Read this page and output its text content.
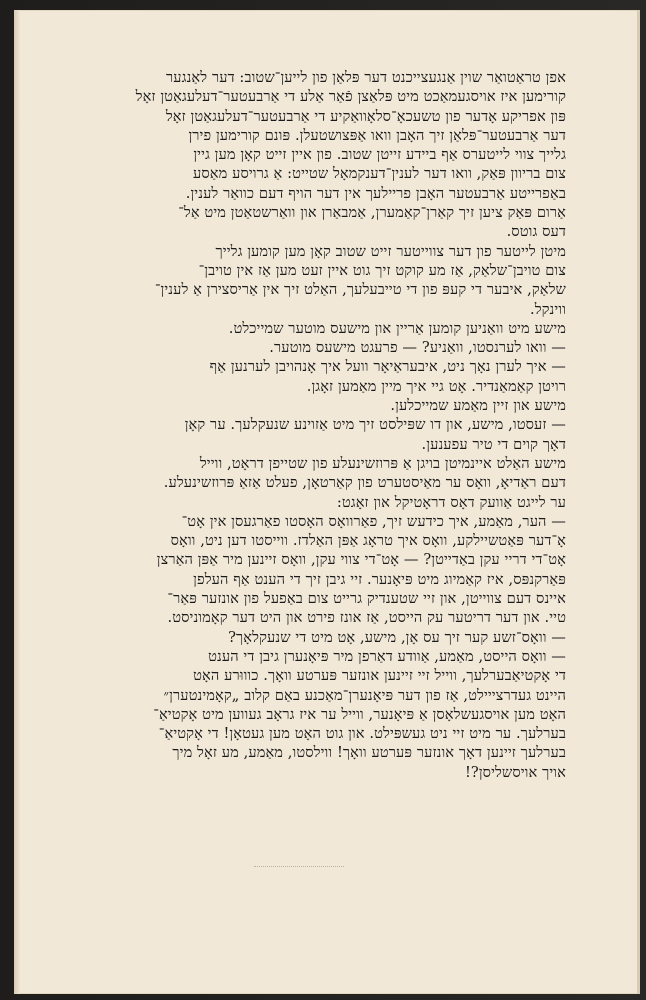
אפן טראַטואַר שוין אַנגעצייכנט דער פּלאַן פון לייען־שטוב: דער לאַנגער

קורימען איז אויסגעמאַכט מיט פּלאַצן פֿאַר אַלע די אַרבעטער־דעלעגאַטן זאָל

פּון אפריקע אָדער פון טשעכאָ־סלאָוואַקיע די אַרבעטער־דעלעגאַטן זאָל

דער אַרבעטער־פּלאַן זיך האָבן וואו אַפּצושטעלן. פּונם קורימען פירן

גלייך צווי לייטערס אַף ביידע זייטן שטוב. פון איין זייט קאָן מען גיין

צום בריוון פּאַק, וואו דער לענין־דענקמאָל שטייט: אַ גרויסע מאַסע

באַפרייטע אַרבעטער האָבן פריילעך אין דער הויף דעם כוואַר לענין.

אַרום פּאַק ציען זיך קאַרן־קאַמערן, אַמבאַרן און וואַרשטאַטן מיט אַל־

דעס גוטס.

מיטן לייטער פון דער צווייטער זייט שטוב קאָן מען קומען גלייך

צום טויבן־שלאַק, אַז מע קוקט זיך גוט איין זעט מען אַז אין טויבן־

שלאַק, איבער די קעפּ פון די טייבעלעך, האַלט זיך אין אַריסצירן אַ לענין־

ווינקל.

מישע מיט וואַניען קומען אַריין און מישעס מוטער שמייכלט.

— וואו לערנסטו, וואַניע? — פרעגט מישעס מוטער.

— איך לערן נאָך ניט, איבעראַיאָר וועל איך אָנהויבן לערנען אַף

רויטן קאַמאַנדיר. אָט גיי איך מיין מאַמען זאָגן.

מישע און זיין מאַמע שמייכלען.

— זעסטו, מישע, און דו שפּילסט זיך מיט אַזוינע שנעקלעך. ער קאָן

דאָך קוים די טיר עפענען.

מישע האַלט איינמיטן בויגן אַ פּרוזשינעלע פון שטייפן דראָט, ווייל

דעם ראַדיאָ, וואָס ער מאַיסטערט פון קאַרטאָן, פעלט אַזאַ פּרוזשינעלע.

ער לייגט אַוועק דאָס דראָטיקל און זאָגט:

— הער, מאַמע, איך כידעש זיך, פאַרוואָס האָסטו פאַרגעסן אין אָט־

אָ־דער פּאַטשיילקע, וואָס איך טראָג אַפּן האַלדז. ווייסטו דען ניט, וואָס

אָט־די דריי עקן באַדייטן? — אָט־די צווי עקן, וואָס זיינען מיר אַפּן האַרצן

פּאַרקנפּס, איז קאַמיוג מיט פּיאָנער. זיי גיבן זיך די הענט אַף העלפן

איינס דעם צווייטן, און זיי שטענדיק גרייט צום באַפעל פון אונזער פּאַר־

טיי. און דער דריטער עק הייסט, אַז אונז פירט און היט דער קאָמוניסט.

— וואָס־זשע קער זיך עס אָן, מישע, אָט מיט די שנעקלאָך?

— וואָס הייסט, מאַמע, אַוודע דאַרפן מיר פּיאָנערן גיבן די הענט

די אָקטיאַבערלעך, ווייל זיי זיינען אונזער פּערטע וואָך. כוווּרע האָט

היינט געדרצייילט, אַז פון דער פּיאָנערן־מאַכנע באַם קלוב „קאָמינטערן״

האָט מען אויסגעשלאָסן אַ פּיאָנער, ווייל ער איז גראָב געווען מיט אָקטיאַ־

בערלעך. ער מיט זיי ניט געשפּילט. און גוט האָט מען געטאָן! די אָקטיאַ־

בערלעך זיינען דאָך אונזער פּערטע וואָך! ווילסטו, מאַמע, מע זאָל מיך

אויך אויסשליסן?!
